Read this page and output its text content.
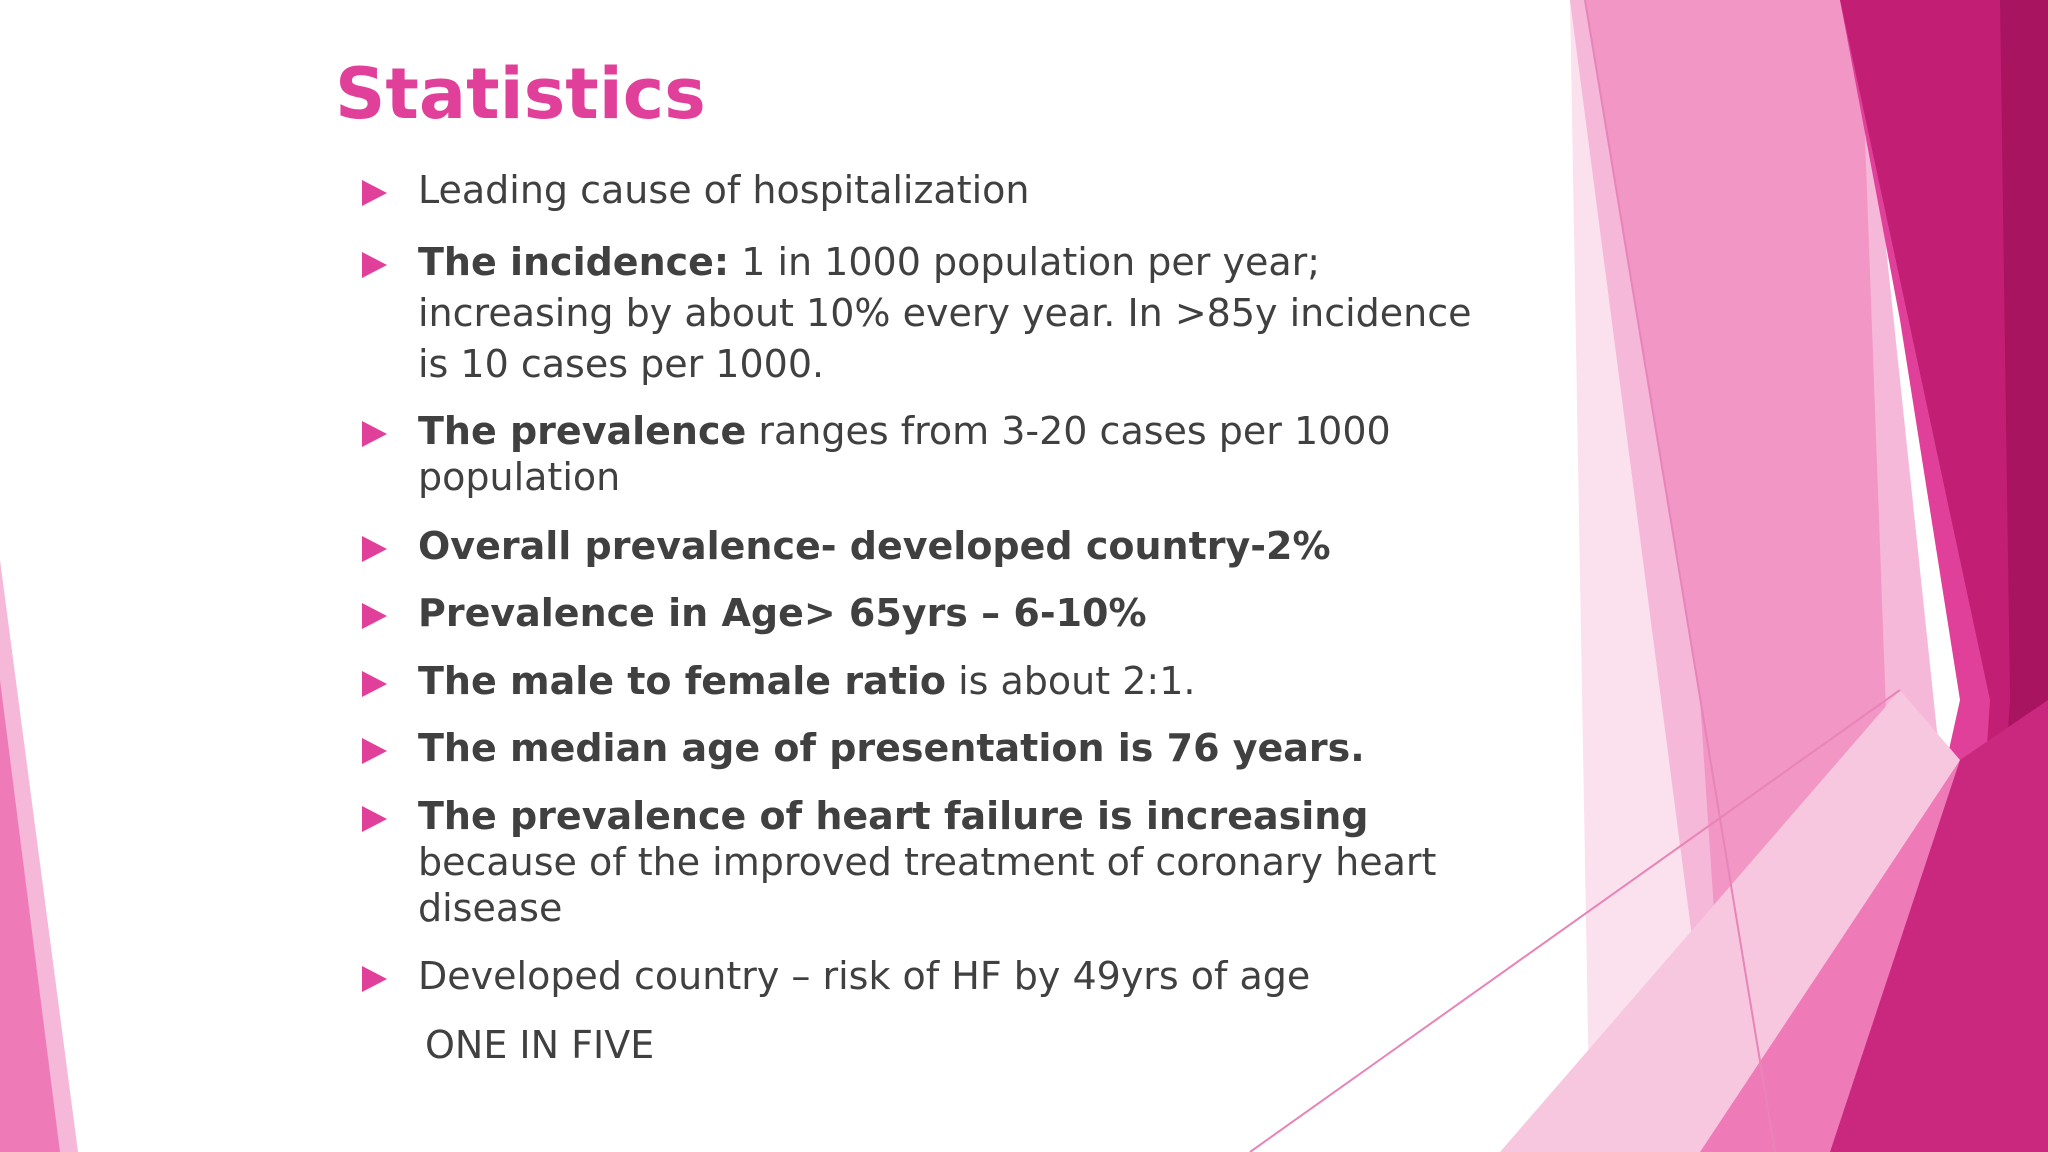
Statistics
Leading cause of hospitalization
The incidence: 1 in 1000 population per year; increasing by about 10% every year. In >85y incidence is 10 cases per 1000.
The prevalence ranges from 3-20 cases per 1000 population
Overall prevalence- developed country-2%
Prevalence in Age> 65yrs – 6-10%
The male to female ratio is about 2:1.
The median age of presentation is 76 years.
The prevalence of heart failure is increasing because of the improved treatment of coronary heart disease
Developed country – risk of HF by 49yrs of age
ONE IN FIVE
